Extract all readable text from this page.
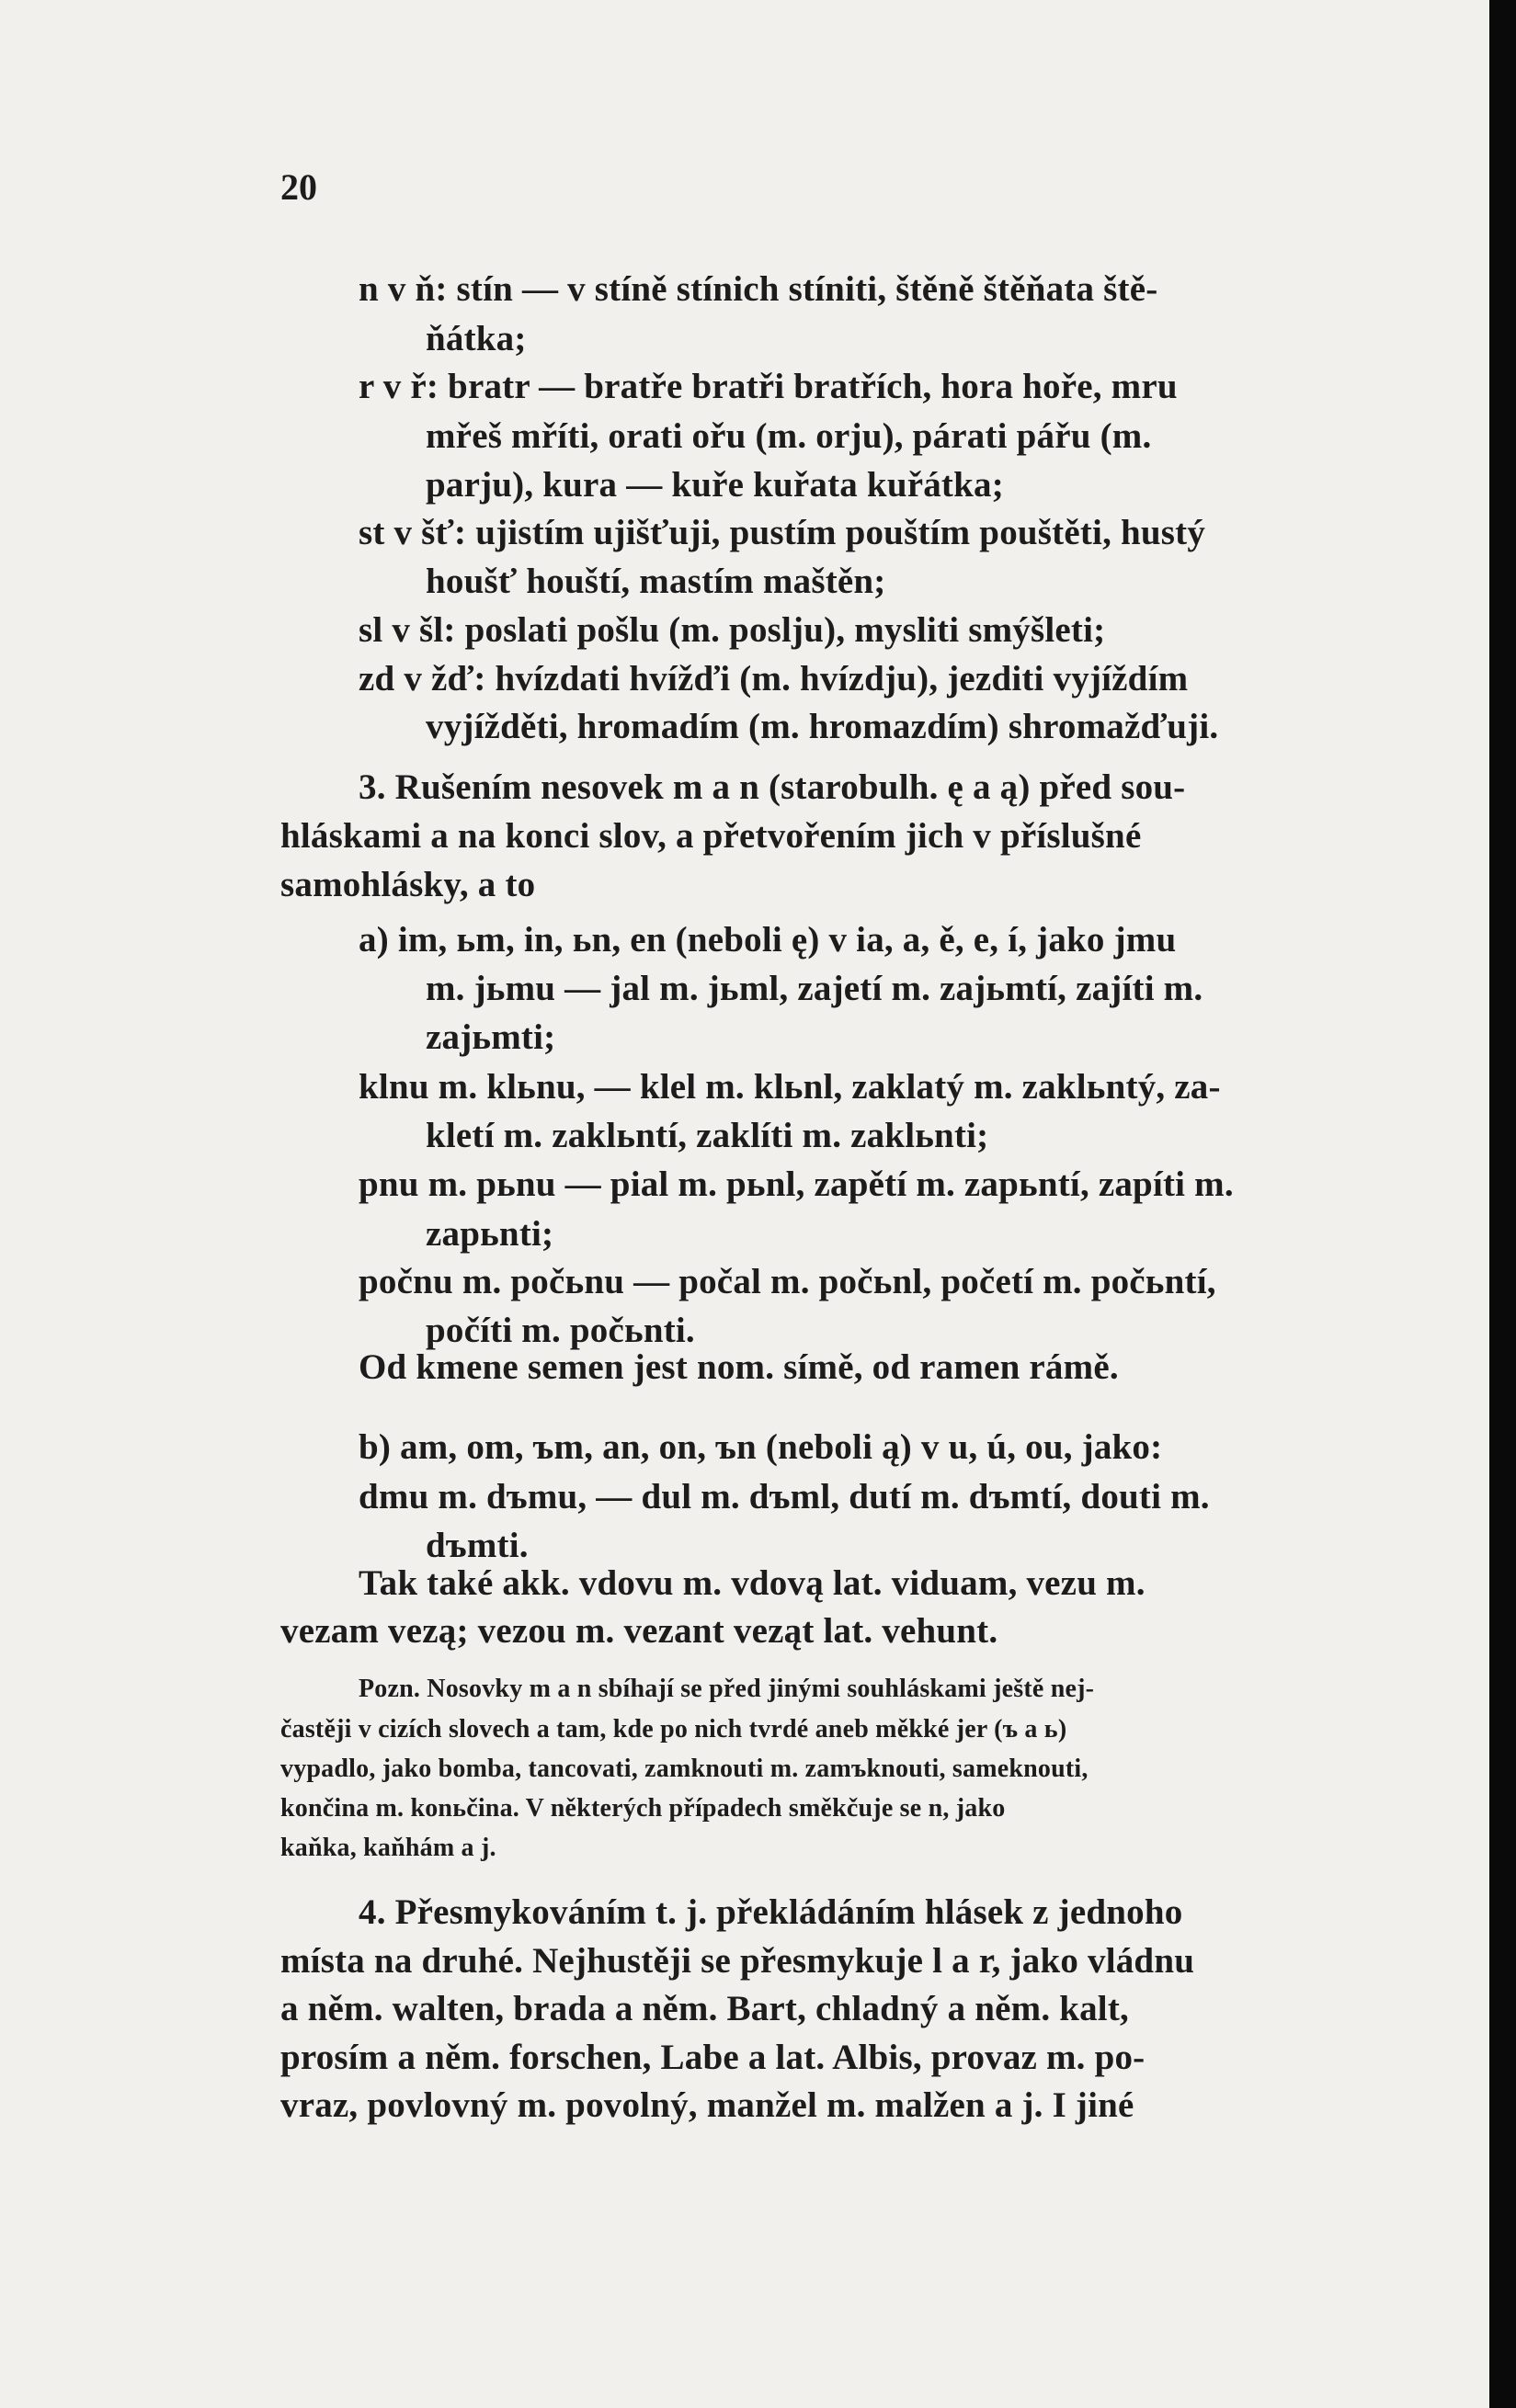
20
n v ň: stín — v stíně stínich stíniti, štěně štěňata ště-
ňátka;
r v ř: bratr — bratře bratři bratřích, hora hoře, mru
mřeš mříti, orati ořu (m. orju), párati pářu (m.
parju), kura — kuře kuřata kuřátka;
st v šť: ujistím ujišťuji, pustím pouštím pouštěti, hustý
houšť houští, mastím maštěn;
sl v šl: poslati pošlu (m. poslju), mysliti smýšleti;
zd v žď: hvízdati hvížďi (m. hvízdju), jezditi vyjíždím
vyjížděti, hromadím (m. hromazdím) shromažďuji.
3. Rušením nesovek m a n (starobulh. ę a ą) před sou-
hláskami a na konci slov, a přetvořením jich v příslušné
samohlásky, a to
a) im, ьm, in, ьn, en (neboli ę) v ia, a, ě, e, í, jako jmu
m. jьmu — jal m. jьml, zajetí m. zajьmtí, zajíti m.
zajьmti;
klnu m. klьnu, — klel m. klьnl, zaklatý m. zaklьntý, za-
kletí m. zaklьntí, zaklíti m. zaklьnti;
pnu m. pьnu — pial m. pьnl, zapětí m. zapьntí, zapíti m.
zapьnti;
počnu m. počьnu — počal m. počьnl, početí m. počьntí,
počíti m. počьnti.
Od kmene semen jest nom. símě, od ramen rámě.
b) am, om, ъm, an, on, ъn (neboli ą) v u, ú, ou, jako:
dmu m. dъmu, — dul m. dъml, dutí m. dъmtí, douti m.
dъmti.
Tak také akk. vdovu m. vdovą lat. viduam, vezu m.
vezam vezą; vezou m. vezant veząt lat. vehunt.
Pozn. Nosovky m a n sbíhají se před jinými souhláskami ještě nej-
častěji v cizích slovech a tam, kde po nich tvrdé aneb měkké jer (ъ a ь)
vypadlo, jako bomba, tancovati, zamknouti m. zamъknouti, sameknouti,
končina m. konьčina. V některých případech směkčuje se n, jako
kaňka, kaňhám a j.
4. Přesmykováním t. j. překládáním hlásek z jednoho
místa na druhé. Nejhustěji se přesmykuje l a r, jako vládnu
a něm. walten, brada a něm. Bart, chladný a něm. kalt,
prosím a něm. forschen, Labe a lat. Albis, provaz m. po-
vraz, povlovný m. povolný, manžel m. malžen a j. I jiné
